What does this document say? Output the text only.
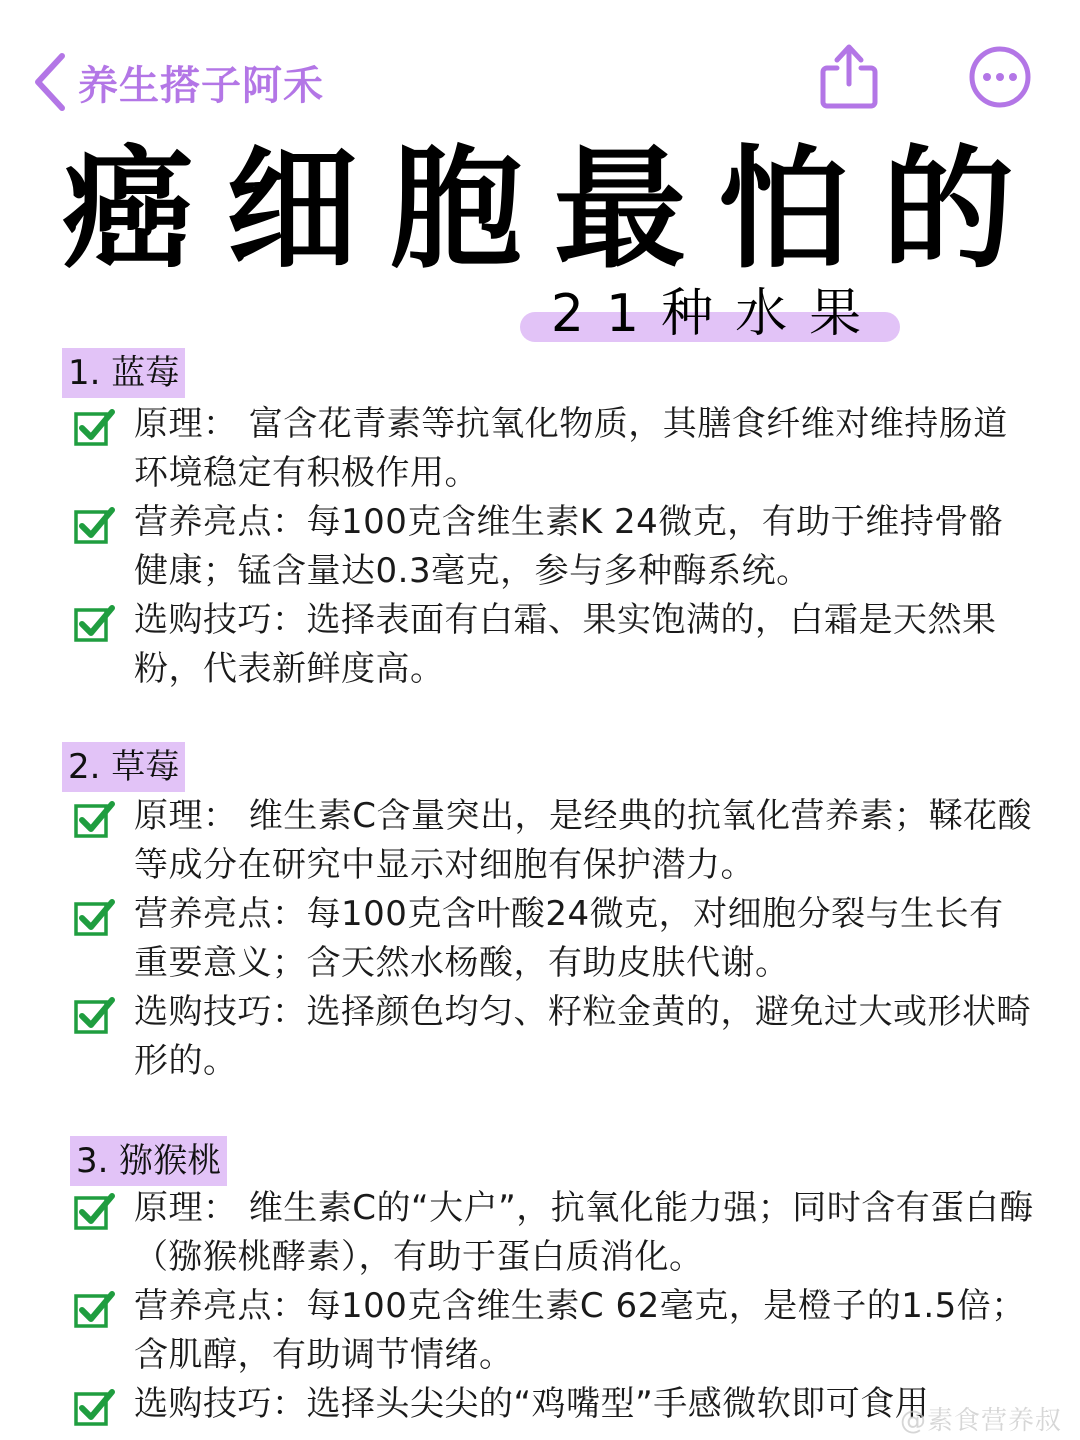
养生搭子阿禾
癌细胞最怕的
21种水果
1. 蓝莓
原理： 富含花青素等抗氧化物质，其膳食纤维对维持肠道环境稳定有积极作用。
营养亮点：每100克含维生素K 24微克，有助于维持骨骼健康；锰含量达0.3毫克，参与多种酶系统。
选购技巧：选择表面有白霜、果实饱满的，白霜是天然果粉，代表新鲜度高。
2. 草莓
原理： 维生素C含量突出，是经典的抗氧化营养素；鞣花酸等成分在研究中显示对细胞有保护潜力。
营养亮点：每100克含叶酸24微克，对细胞分裂与生长有重要意义；含天然水杨酸，有助皮肤代谢。
选购技巧：选择颜色均匀、籽粒金黄的，避免过大或形状畸形的。
3. 猕猴桃
原理： 维生素C的“大户”，抗氧化能力强；同时含有蛋白酶（猕猴桃酵素），有助于蛋白质消化。
营养亮点：每100克含维生素C 62毫克，是橙子的1.5倍；含肌醇，有助调节情绪。
选购技巧：选择头尖尖的“鸡嘴型”手感微软即可食用
@素食营养叔
